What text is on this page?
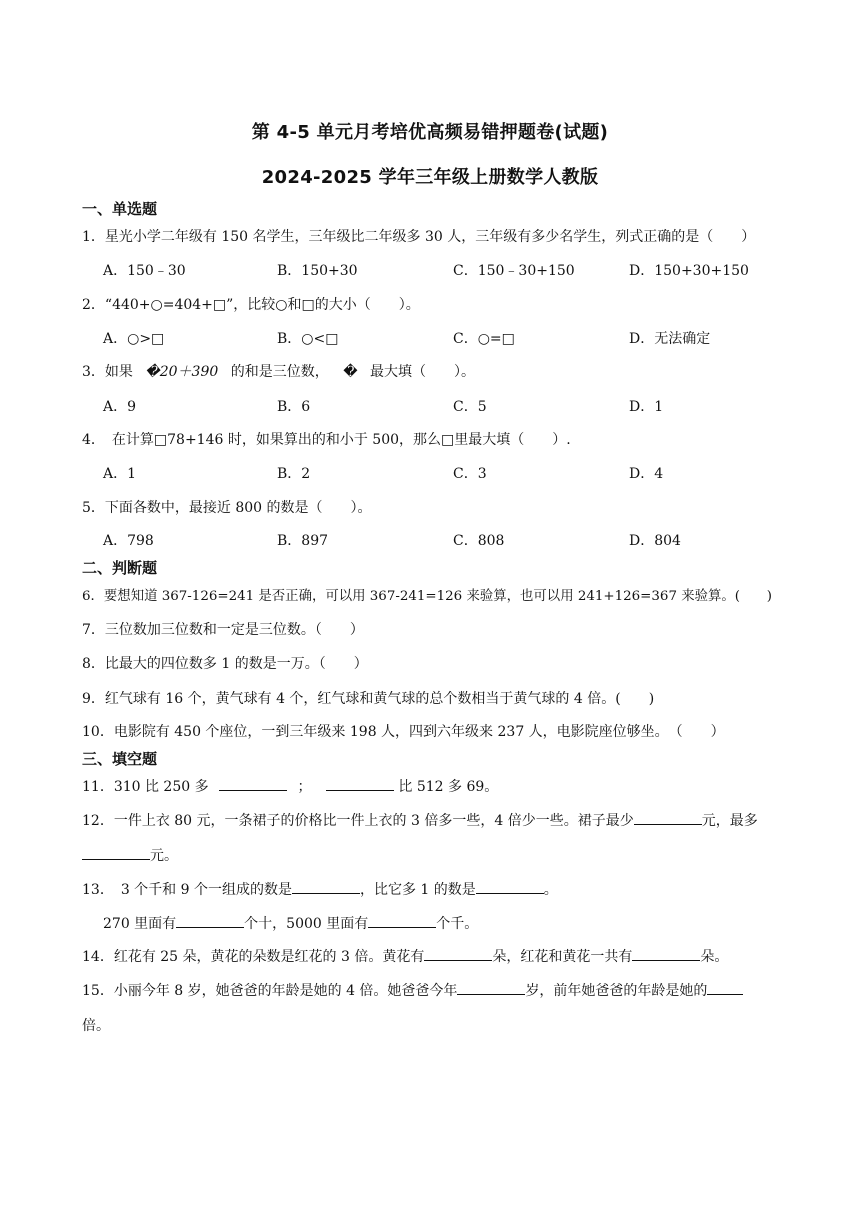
第 4-5 单元月考培优高频易错押题卷(试题)
2024-2025 学年三年级上册数学人教版
一、单选题
1．星光小学二年级有 150 名学生，三年级比二年级多 30 人，三年级有多少名学生，列式正确的是（　　）
A．150﹣30	B．150+30	C．150﹣30+150	D．150+30+150
2．“440+○=404+□”，比较○和□的大小（　　）。
A．○>□	B．○<□	C．○=□	D．无法确定
3．如果 �20＋390 的和是三位数， � 最大填（　　）。
A．9	B．6	C．5	D．1
4．　在计算□78+146 时，如果算出的和小于 500，那么□里最大填（　　）.
A．1	B．2	C．3	D．4
5．下面各数中，最接近 800 的数是（　　）。
A．798	B．897	C．808	D．804
二、判断题
6．要想知道 367-126=241 是否正确，可以用 367-241=126 来验算，也可以用 241+126=367 来验算。(　　)
7．三位数加三位数和一定是三位数。（　　）
8．比最大的四位数多 1 的数是一万。（　　）
9．红气球有 16 个，黄气球有 4 个，红气球和黄气球的总个数相当于黄气球的 4 倍。(　　)
10．电影院有 450 个座位，一到三年级来 198 人，四到六年级来 237 人，电影院座位够坐。　（　　）
三、填空题
11．310 比 250 多	；	比 512 多 69。
12．一件上衣 80 元，一条裙子的价格比一件上衣的 3 倍多一些，4 倍少一些。裙子最少	元，最多
元。
13．　3 个千和 9 个一组成的数是	，比它多 1 的数是	。
270 里面有	个十，5000 里面有	个千。
14．红花有 25 朵，黄花的朵数是红花的 3 倍。黄花有	朵，红花和黄花一共有	朵。
15．小丽今年 8 岁，她爸爸的年龄是她的 4 倍。她爸爸今年	岁，前年她爸爸的年龄是她的
倍。
